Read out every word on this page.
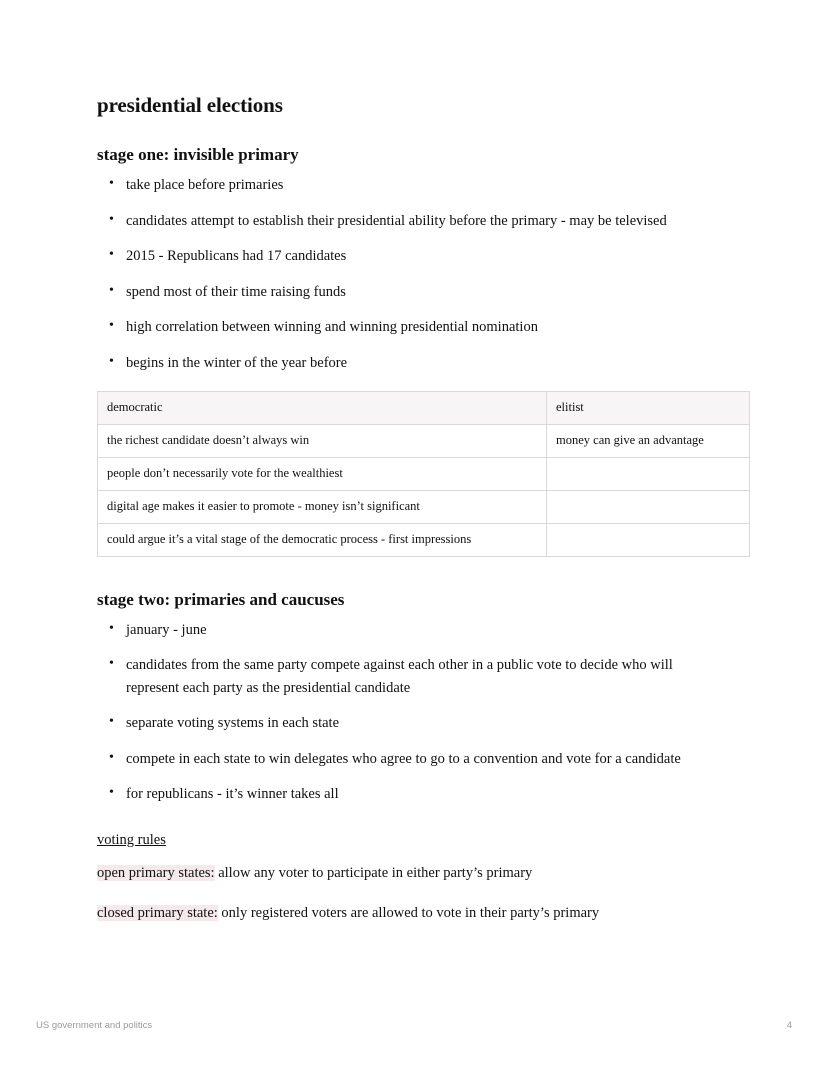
presidential elections
stage one: invisible primary
• take place before primaries
• candidates attempt to establish their presidential ability before the primary - may be televised
• 2015 - Republicans had 17 candidates
• spend most of their time raising funds
• high correlation between winning and winning presidential nomination
• begins in the winter of the year before
democratic	elitist
the richest candidate doesn’t always win	money can give an advantage
people don’t necessarily vote for the wealthiest	
digital age makes it easier to promote - money isn’t significant	
could argue it’s a vital stage of the democratic process - first impressions	
stage two: primaries and caucuses
• january - june
• candidates from the same party compete against each other in a public vote to decide who will represent each party as the presidential candidate
• separate voting systems in each state
• compete in each state to win delegates who agree to go to a convention and vote for a candidate
• for republicans - it’s winner takes all
voting rules

open primary states: allow any voter to participate in either party’s primary

closed primary state: only registered voters are allowed to vote in their party’s primary

US government and politics	4
